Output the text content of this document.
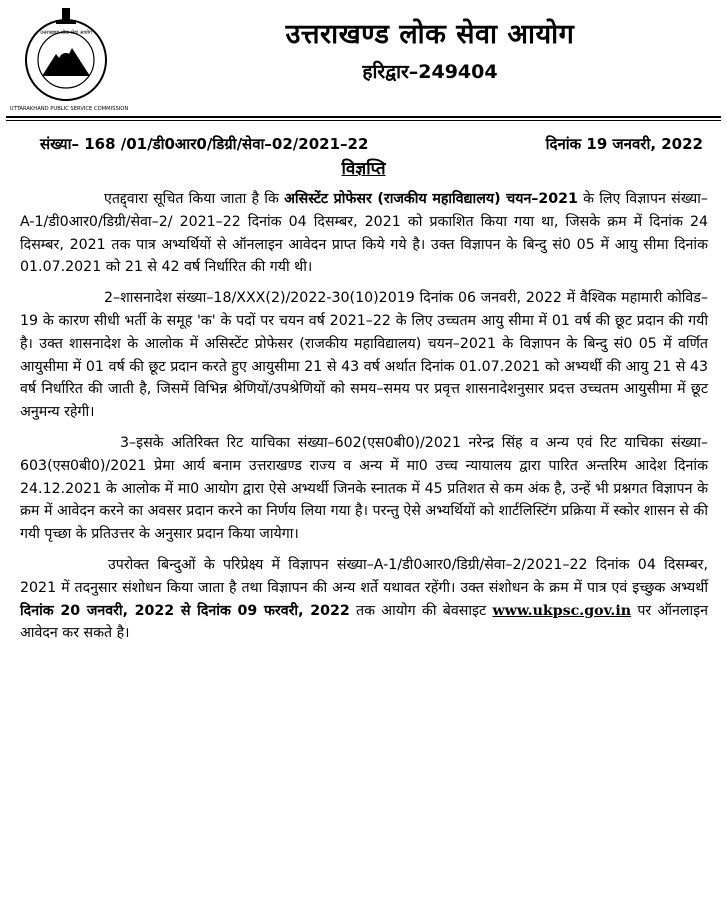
उत्तराखण्ड लोक सेवा आयोग
UTTARAKHAND PUBLIC SERVICE COMMISSION
उत्तराखण्ड लोक सेवा आयोग
हरिद्वार–249404
संख्या– 168 /01/डी0आर0/डिग्री/सेवा–02/2021–22	दिनांक 19 जनवरी, 2022
विज्ञप्ति

एतद्द्वारा सूचित किया जाता है कि असिस्टेंट प्रोफेसर (राजकीय महाविद्यालय) चयन–2021 के लिए विज्ञापन संख्या–A-1/डी0आर0/डिग्री/सेवा–2/ 2021–22 दिनांक 04 दिसम्बर, 2021 को प्रकाशित किया गया था, जिसके क्रम में दिनांक 24 दिसम्बर, 2021 तक पात्र अभ्यर्थियों से ऑनलाइन आवेदन प्राप्त किये गये है। उक्त विज्ञापन के बिन्दु सं0 05 में आयु सीमा दिनांक 01.07.2021 को 21 से 42 वर्ष निर्धारित की गयी थी।

2–शासनादेश संख्या–18/XXX(2)/2022-30(10)2019 दिनांक 06 जनवरी, 2022 में वैश्विक महामारी कोविड–19 के कारण सीधी भर्ती के समूह 'क' के पदों पर चयन वर्ष 2021–22 के लिए उच्चतम आयु सीमा में 01 वर्ष की छूट प्रदान की गयी है। उक्त शासनादेश के आलोक में असिस्टेंट प्रोफेसर (राजकीय महाविद्यालय) चयन–2021 के विज्ञापन के बिन्दु सं0 05 में वर्णित आयुसीमा में 01 वर्ष की छूट प्रदान करते हुए आयुसीमा 21 से 43 वर्ष अर्थात दिनांक 01.07.2021 को अभ्यर्थी की आयु 21 से 43 वर्ष निर्धारित की जाती है, जिसमें विभिन्न श्रेणियों/उपश्रेणियों को समय–समय पर प्रवृत्त शासनादेशनुसार प्रदत्त उच्चतम आयुसीमा में छूट अनुमन्य रहेगी।

3–इसके अतिरिक्त रिट याचिका संख्या–602(एस0बी0)/2021 नरेन्द्र सिंह व अन्य एवं रिट याचिका संख्या–603(एस0बी0)/2021 प्रेमा आर्य बनाम उत्तराखण्ड राज्य व अन्य में मा0 उच्च न्यायालय द्वारा पारित अन्तरिम आदेश दिनांक 24.12.2021 के आलोक में मा0 आयोग द्वारा ऐसे अभ्यर्थी जिनके स्नातक में 45 प्रतिशत से कम अंक है, उन्हें भी प्रश्नगत विज्ञापन के क्रम में आवेदन करने का अवसर प्रदान करने का निर्णय लिया गया है। परन्तु ऐसे अभ्यर्थियों को शार्टलिस्टिंग प्रक्रिया में स्कोर शासन से की गयी पृच्छा के प्रतिउत्तर के अनुसार प्रदान किया जायेगा।

उपरोक्त बिन्दुओं के परिप्रेक्ष्य में विज्ञापन संख्या–A-1/डी0आर0/डिग्री/सेवा–2/2021–22 दिनांक 04 दिसम्बर, 2021 में तदनुसार संशोधन किया जाता है तथा विज्ञापन की अन्य शर्ते यथावत रहेंगी। उक्त संशोधन के क्रम में पात्र एवं इच्छुक अभ्यर्थी दिनांक 20 जनवरी, 2022 से दिनांक 09 फरवरी, 2022 तक आयोग की बेवसाइट www.ukpsc.gov.in पर ऑनलाइन आवेदन कर सकते है।
